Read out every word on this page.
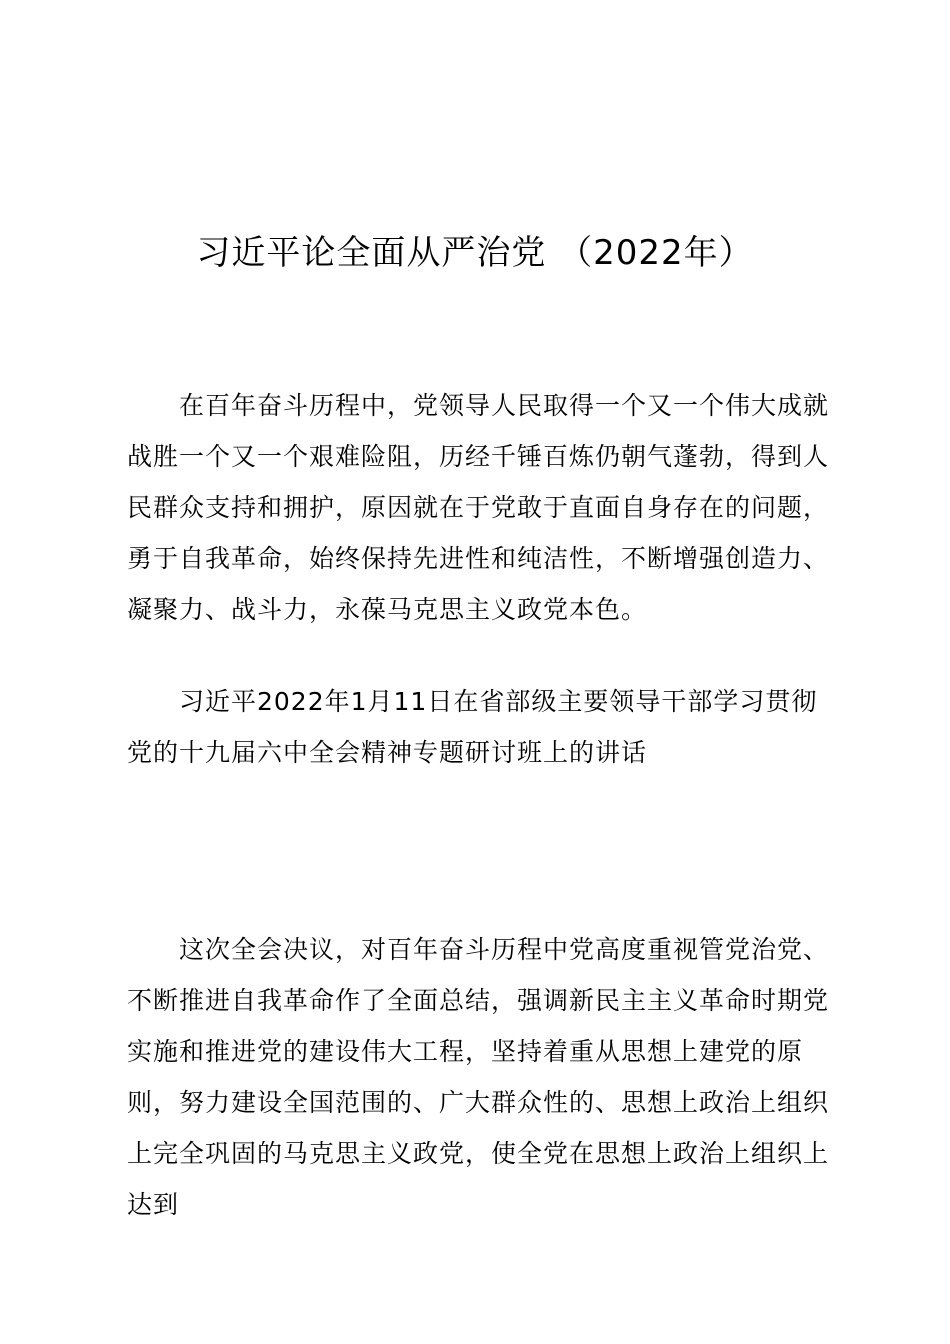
习近平论全面从严治党 （2022年）

在百年奋斗历程中，党领导人民取得一个又一个伟大成就战胜一个又一个艰难险阻，历经千锤百炼仍朝气蓬勃，得到人民群众支持和拥护，原因就在于党敢于直面自身存在的问题，勇于自我革命，始终保持先进性和纯洁性，不断增强创造力、凝聚力、战斗力，永葆马克思主义政党本色。

习近平2022年1月11日在省部级主要领导干部学习贯彻党的十九届六中全会精神专题研讨班上的讲话

这次全会决议，对百年奋斗历程中党高度重视管党治党、不断推进自我革命作了全面总结，强调新民主主义革命时期党实施和推进党的建设伟大工程，坚持着重从思想上建党的原则，努力建设全国范围的、广大群众性的、思想上政治上组织上完全巩固的马克思主义政党，使全党在思想上政治上组织上达到
